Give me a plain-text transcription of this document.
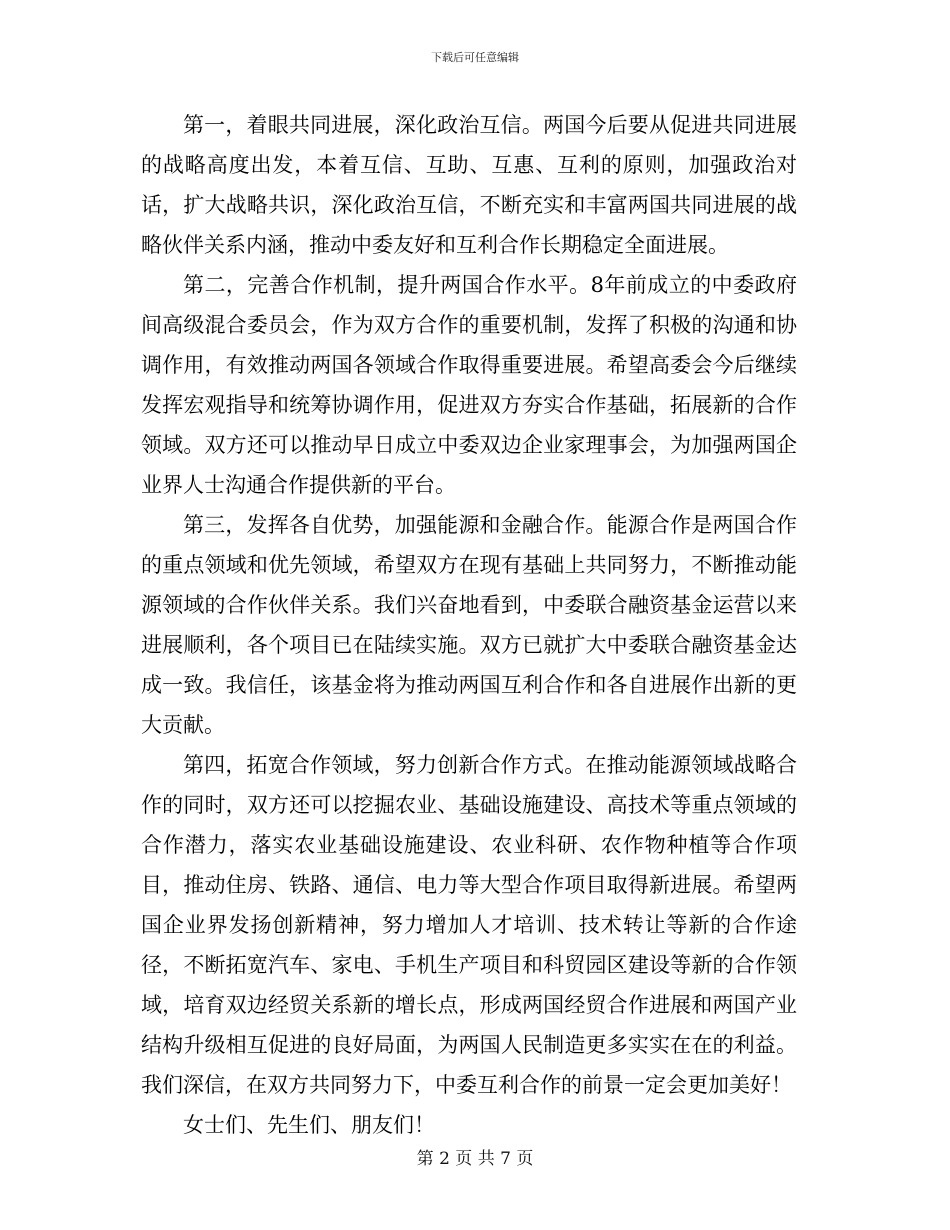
下载后可任意编辑

第一，着眼共同进展，深化政治互信。两国今后要从促进共同进展的战略高度出发，本着互信、互助、互惠、互利的原则，加强政治对话，扩大战略共识，深化政治互信，不断充实和丰富两国共同进展的战略伙伴关系内涵，推动中委友好和互利合作长期稳定全面进展。

第二，完善合作机制，提升两国合作水平。8年前成立的中委政府间高级混合委员会，作为双方合作的重要机制，发挥了积极的沟通和协调作用，有效推动两国各领域合作取得重要进展。希望高委会今后继续发挥宏观指导和统筹协调作用，促进双方夯实合作基础，拓展新的合作领域。双方还可以推动早日成立中委双边企业家理事会，为加强两国企业界人士沟通合作提供新的平台。

第三，发挥各自优势，加强能源和金融合作。能源合作是两国合作的重点领域和优先领域，希望双方在现有基础上共同努力，不断推动能源领域的合作伙伴关系。我们兴奋地看到，中委联合融资基金运营以来进展顺利，各个项目已在陆续实施。双方已就扩大中委联合融资基金达成一致。我信任，该基金将为推动两国互利合作和各自进展作出新的更大贡献。

第四，拓宽合作领域，努力创新合作方式。在推动能源领域战略合作的同时，双方还可以挖掘农业、基础设施建设、高技术等重点领域的合作潜力，落实农业基础设施建设、农业科研、农作物种植等合作项目，推动住房、铁路、通信、电力等大型合作项目取得新进展。希望两国企业界发扬创新精神，努力增加人才培训、技术转让等新的合作途径，不断拓宽汽车、家电、手机生产项目和科贸园区建设等新的合作领域，培育双边经贸关系新的增长点，形成两国经贸合作进展和两国产业结构升级相互促进的良好局面，为两国人民制造更多实实在在的利益。我们深信，在双方共同努力下，中委互利合作的前景一定会更加美好！

女士们、先生们、朋友们！

第 2 页 共 7 页
